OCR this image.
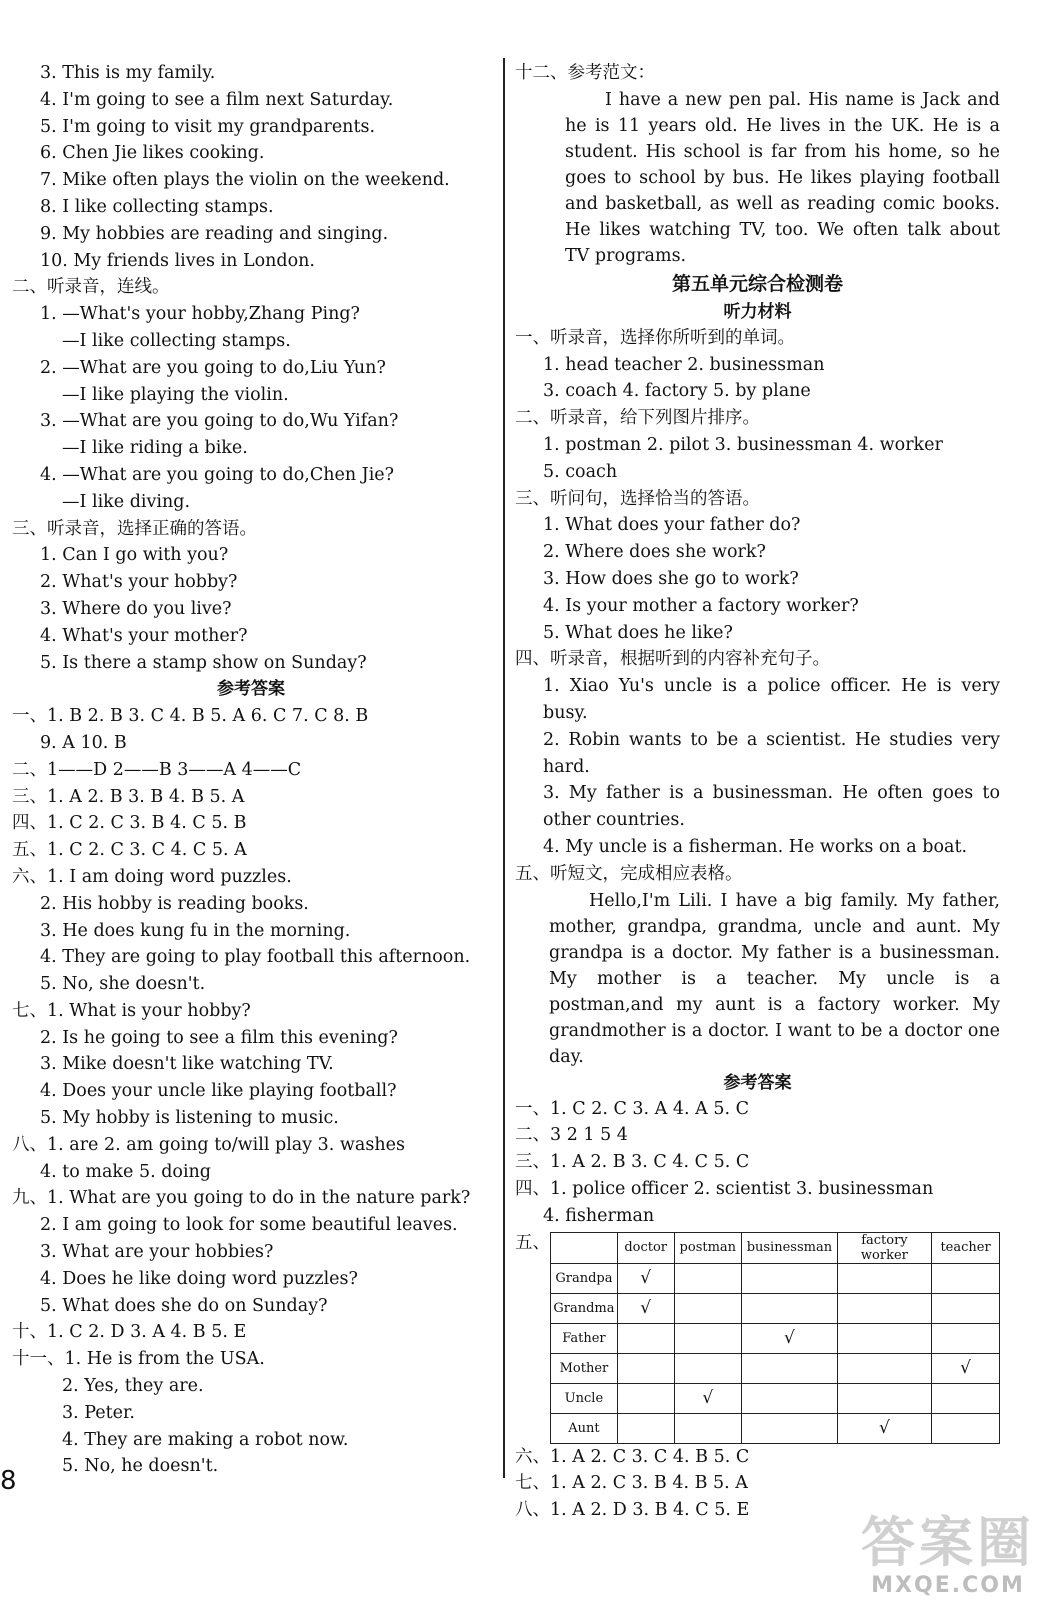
3. This is my family.
4. I'm going to see a film next Saturday.
5. I'm going to visit my grandparents.
6. Chen Jie likes cooking.
7. Mike often plays the violin on the weekend.
8. I like collecting stamps.
9. My hobbies are reading and singing.
10. My friends lives in London.
二、听录音，连线。
1. —What's your hobby,Zhang Ping?
—I like collecting stamps.
2. —What are you going to do,Liu Yun?
—I like playing the violin.
3. —What are you going to do,Wu Yifan?
—I like riding a bike.
4. —What are you going to do,Chen Jie?
—I like diving.
三、听录音，选择正确的答语。
1. Can I go with you?
2. What's your hobby?
3. Where do you live?
4. What's your mother?
5. Is there a stamp show on Sunday?
参考答案
一、1. B 2. B 3. C 4. B 5. A 6. C 7. C 8. B
9. A 10. B
二、1——D 2——B 3——A 4——C
三、1. A 2. B 3. B 4. B 5. A
四、1. C 2. C 3. B 4. C 5. B
五、1. C 2. C 3. C 4. C 5. A
六、1. I am doing word puzzles.
2. His hobby is reading books.
3. He does kung fu in the morning.
4. They are going to play football this afternoon.
5. No, she doesn't.
七、1. What is your hobby?
2. Is he going to see a film this evening?
3. Mike doesn't like watching TV.
4. Does your uncle like playing football?
5. My hobby is listening to music.
八、1. are 2. am going to/will play 3. washes
4. to make 5. doing
九、1. What are you going to do in the nature park?
2. I am going to look for some beautiful leaves.
3. What are your hobbies?
4. Does he like doing word puzzles?
5. What does she do on Sunday?
十、1. C 2. D 3. A 4. B 5. E
十一、1. He is from the USA.
2. Yes, they are.
3. Peter.
4. They are making a robot now.
5. No, he doesn't.
十二、参考范文：

I have a new pen pal. His name is Jack and he is 11 years old. He lives in the UK. He is a student. His school is far from his home, so he goes to school by bus. He likes playing football and basketball, as well as reading comic books. He likes watching TV, too. We often talk about TV programs.

第五单元综合检测卷
听力材料
一、听录音，选择你所听到的单词。
1. head teacher 2. businessman
3. coach 4. factory 5. by plane
二、听录音，给下列图片排序。
1. postman 2. pilot 3. businessman 4. worker
5. coach
三、听问句，选择恰当的答语。
1. What does your father do?
2. Where does she work?
3. How does she go to work?
4. Is your mother a factory worker?
5. What does he like?
四、听录音，根据听到的内容补充句子。
1. Xiao Yu's uncle is a police officer. He is very busy.
2. Robin wants to be a scientist. He studies very hard.
3. My father is a businessman. He often goes to other countries.
4. My uncle is a fisherman. He works on a boat.
五、听短文，完成相应表格。

Hello,I'm Lili. I have a big family. My father, mother, grandpa, grandma, uncle and aunt. My grandpa is a doctor. My father is a businessman. My mother is a teacher. My uncle is a postman,and my aunt is a factory worker. My grandmother is a doctor. I want to be a doctor one day.

参考答案
一、1. C 2. C 3. A 4. A 5. C
二、3 2 1 5 4
三、1. A 2. B 3. C 4. C 5. C
四、1. police officer 2. scientist 3. businessman
4. fisherman
五、
		doctor	postman	businessman	factory worker	teacher
Grandpa	√				
Grandma	√				
Father			√		
Mother					√
Uncle		√			
Aunt				√	
六、1. A 2. C 3. C 4. B 5. C
七、1. A 2. C 3. B 4. B 5. A
八、1. A 2. D 3. B 4. C 5. E
8
答案圈
MXQE.COM
